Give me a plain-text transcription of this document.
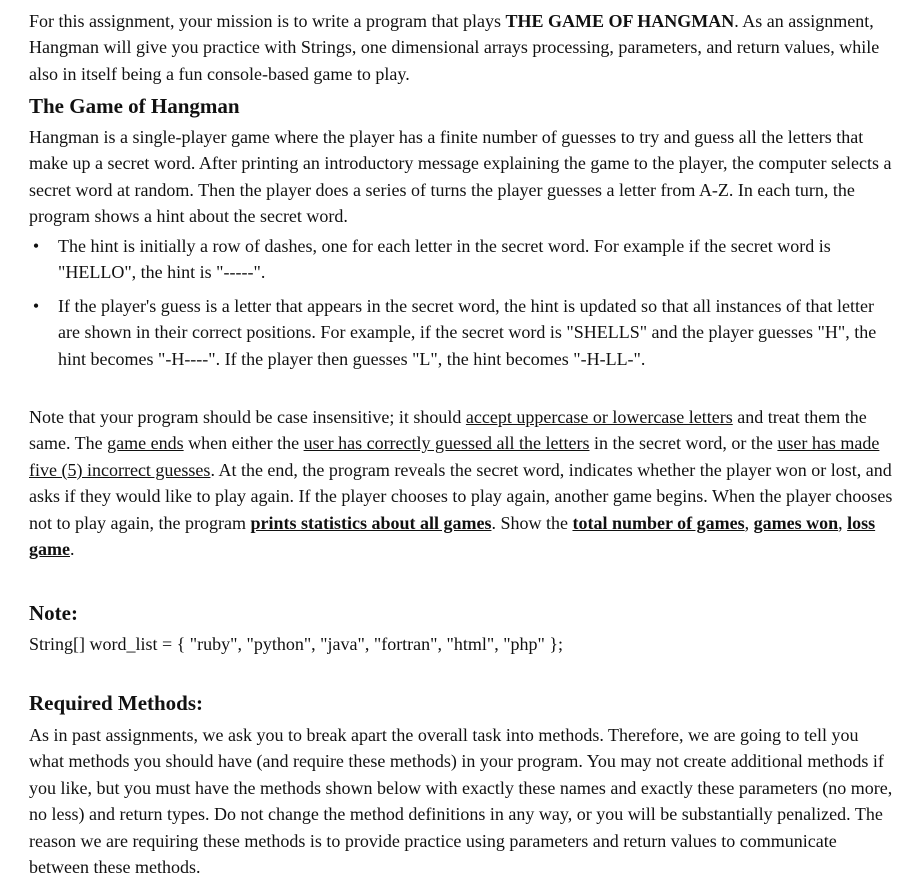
For this assignment, your mission is to write a program that plays THE GAME OF HANGMAN. As an assignment, Hangman will give you practice with Strings, one dimensional arrays processing, parameters, and return values, while also in itself being a fun console-based game to play.

The Game of Hangman

Hangman is a single-player game where the player has a finite number of guesses to try and guess all the letters that make up a secret word. After printing an introductory message explaining the game to the player, the computer selects a secret word at random. Then the player does a series of turns the player guesses a letter from A-Z. In each turn, the program shows a hint about the secret word.

• The hint is initially a row of dashes, one for each letter in the secret word. For example if the secret word is "HELLO", the hint is "-----".
• If the player's guess is a letter that appears in the secret word, the hint is updated so that all instances of that letter are shown in their correct positions. For example, if the secret word is "SHELLS" and the player guesses "H", the hint becomes "-H----". If the player then guesses "L", the hint becomes "-H-LL-".

Note that your program should be case insensitive; it should accept uppercase or lowercase letters and treat them the same. The game ends when either the user has correctly guessed all the letters in the secret word, or the user has made five (5) incorrect guesses. At the end, the program reveals the secret word, indicates whether the player won or lost, and asks if they would like to play again. If the player chooses to play again, another game begins. When the player chooses not to play again, the program prints statistics about all games. Show the total number of games, games won, loss game.

Note:

String[] word_list = { "ruby", "python", "java", "fortran", "html", "php" };

Required Methods:

As in past assignments, we ask you to break apart the overall task into methods. Therefore, we are going to tell you what methods you should have (and require these methods) in your program. You may not create additional methods if you like, but you must have the methods shown below with exactly these names and exactly these parameters (no more, no less) and return types. Do not change the method definitions in any way, or you will be substantially penalized. The reason we are requiring these methods is to provide practice using parameters and return values to communicate between these methods.
